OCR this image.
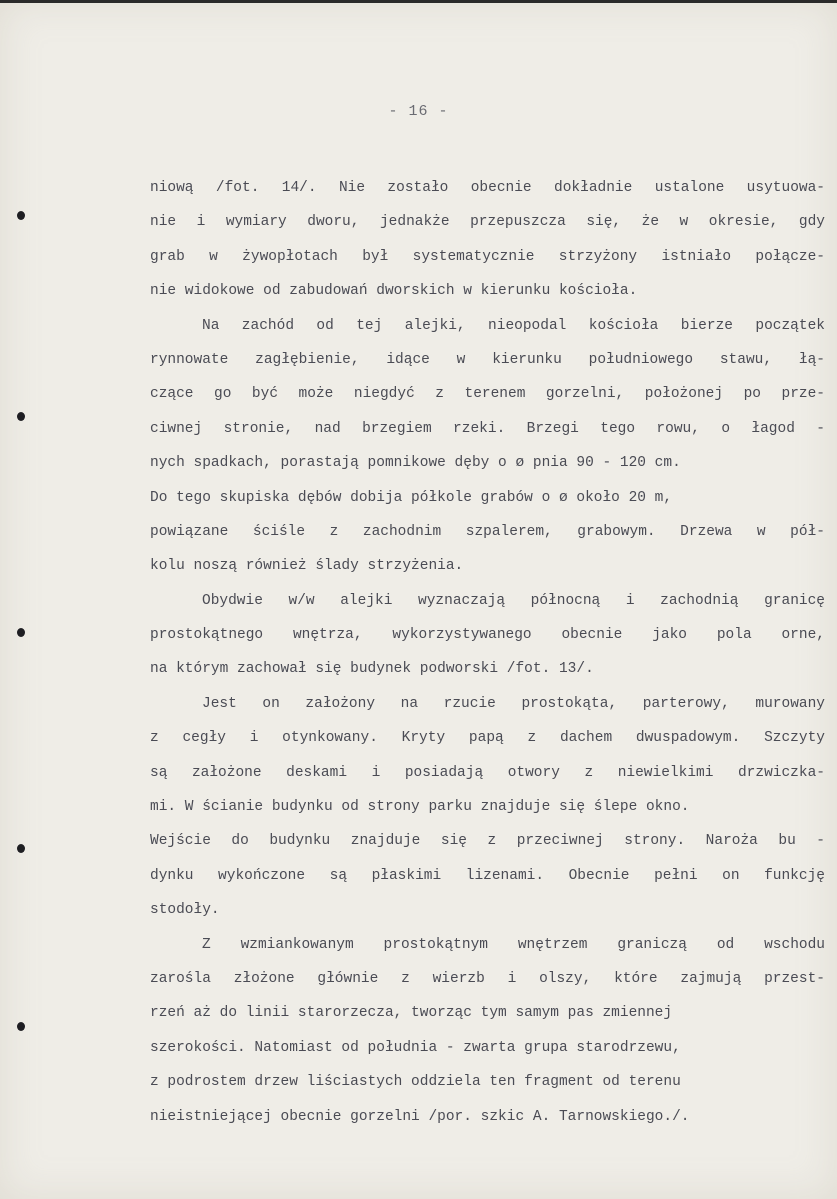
- 16 -
niową /fot. 14/. Nie zostało obecnie dokładnie ustalone usytuowa-
nie i wymiary dworu, jednakże przepuszcza się, że w okresie, gdy
grab w żywopłotach był systematycznie strzyżony istniało połącze-
nie widokowe od zabudowań dworskich w kierunku kościoła.
Na zachód od tej alejki, nieopodal kościoła bierze początek
rynnowate zagłębienie, idące w kierunku południowego stawu, łą-
czące go być może niegdyć z terenem gorzelni, położonej po prze-
ciwnej stronie, nad brzegiem rzeki. Brzegi tego rowu, o łagod -
nych spadkach, porastają pomnikowe dęby o ø pnia 90 - 120 cm.
Do tego skupiska dębów dobija półkole grabów o ø około 20 m,
powiązane ściśle z zachodnim szpalerem, grabowym. Drzewa w pół-
kolu noszą również ślady strzyżenia.
Obydwie w/w alejki wyznaczają północną i zachodnią granicę
prostokątnego wnętrza, wykorzystywanego obecnie jako pola orne,
na którym zachował się budynek podworski /fot. 13/.
Jest on założony na rzucie prostokąta, parterowy, murowany
z cegły i otynkowany. Kryty papą z dachem dwuspadowym. Szczyty
są założone deskami i posiadają otwory z niewielkimi drzwiczka-
mi. W ścianie budynku od strony parku znajduje się ślepe okno.
Wejście do budynku znajduje się z przeciwnej strony. Naroża bu -
dynku wykończone są płaskimi lizenami. Obecnie pełni on funkcję
stodoły.
Z wzmiankowanym prostokątnym wnętrzem graniczą od wschodu
zarośla złożone głównie z wierzb i olszy, które zajmują przest-
rzeń aż do linii starorzecza, tworząc tym samym pas zmiennej
szerokości. Natomiast od południa - zwarta grupa starodrzewu,
z podrostem drzew liściastych oddziela ten fragment od terenu
nieistniejącej obecnie gorzelni /por. szkic A. Tarnowskiego./.
